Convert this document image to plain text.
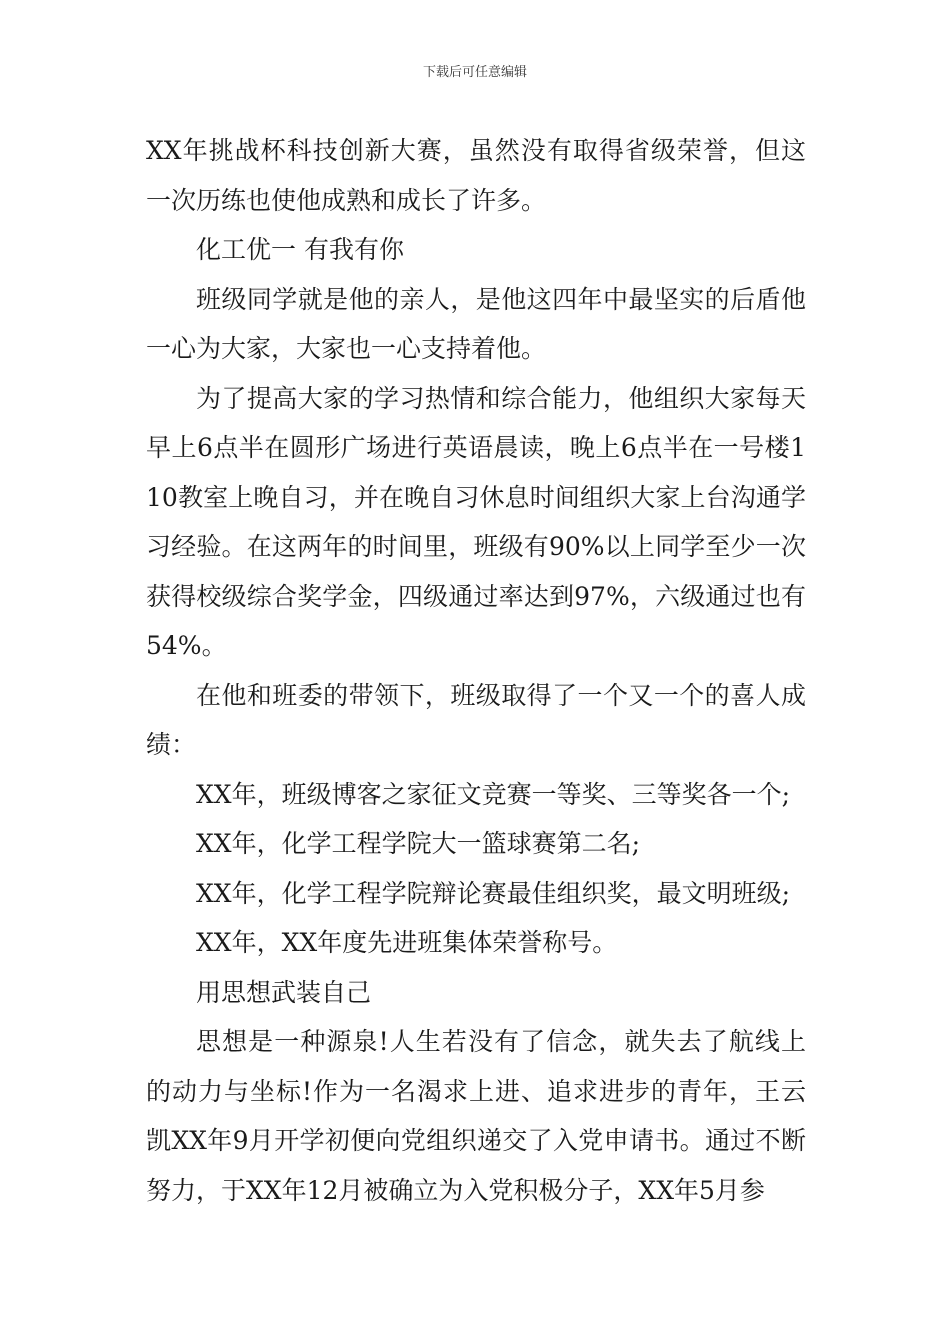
下载后可任意编辑

XX年挑战杯科技创新大赛，虽然没有取得省级荣誉，但这一次历练也使他成熟和成长了许多。

化工优一 有我有你

班级同学就是他的亲人，是他这四年中最坚实的后盾他一心为大家，大家也一心支持着他。

为了提高大家的学习热情和综合能力，他组织大家每天早上6点半在圆形广场进行英语晨读，晚上6点半在一号楼110教室上晚自习，并在晚自习休息时间组织大家上台沟通学习经验。在这两年的时间里，班级有90%以上同学至少一次获得校级综合奖学金，四级通过率达到97%，六级通过也有54%。

在他和班委的带领下，班级取得了一个又一个的喜人成绩：

XX年，班级博客之家征文竞赛一等奖、三等奖各一个;

XX年，化学工程学院大一篮球赛第二名;

XX年，化学工程学院辩论赛最佳组织奖，最文明班级;

XX年，XX年度先进班集体荣誉称号。

用思想武装自己

思想是一种源泉!人生若没有了信念，就失去了航线上的动力与坐标!作为一名渴求上进、追求进步的青年，王云凯XX年9月开学初便向党组织递交了入党申请书。通过不断努力，于XX年12月被确立为入党积极分子，XX年5月参
